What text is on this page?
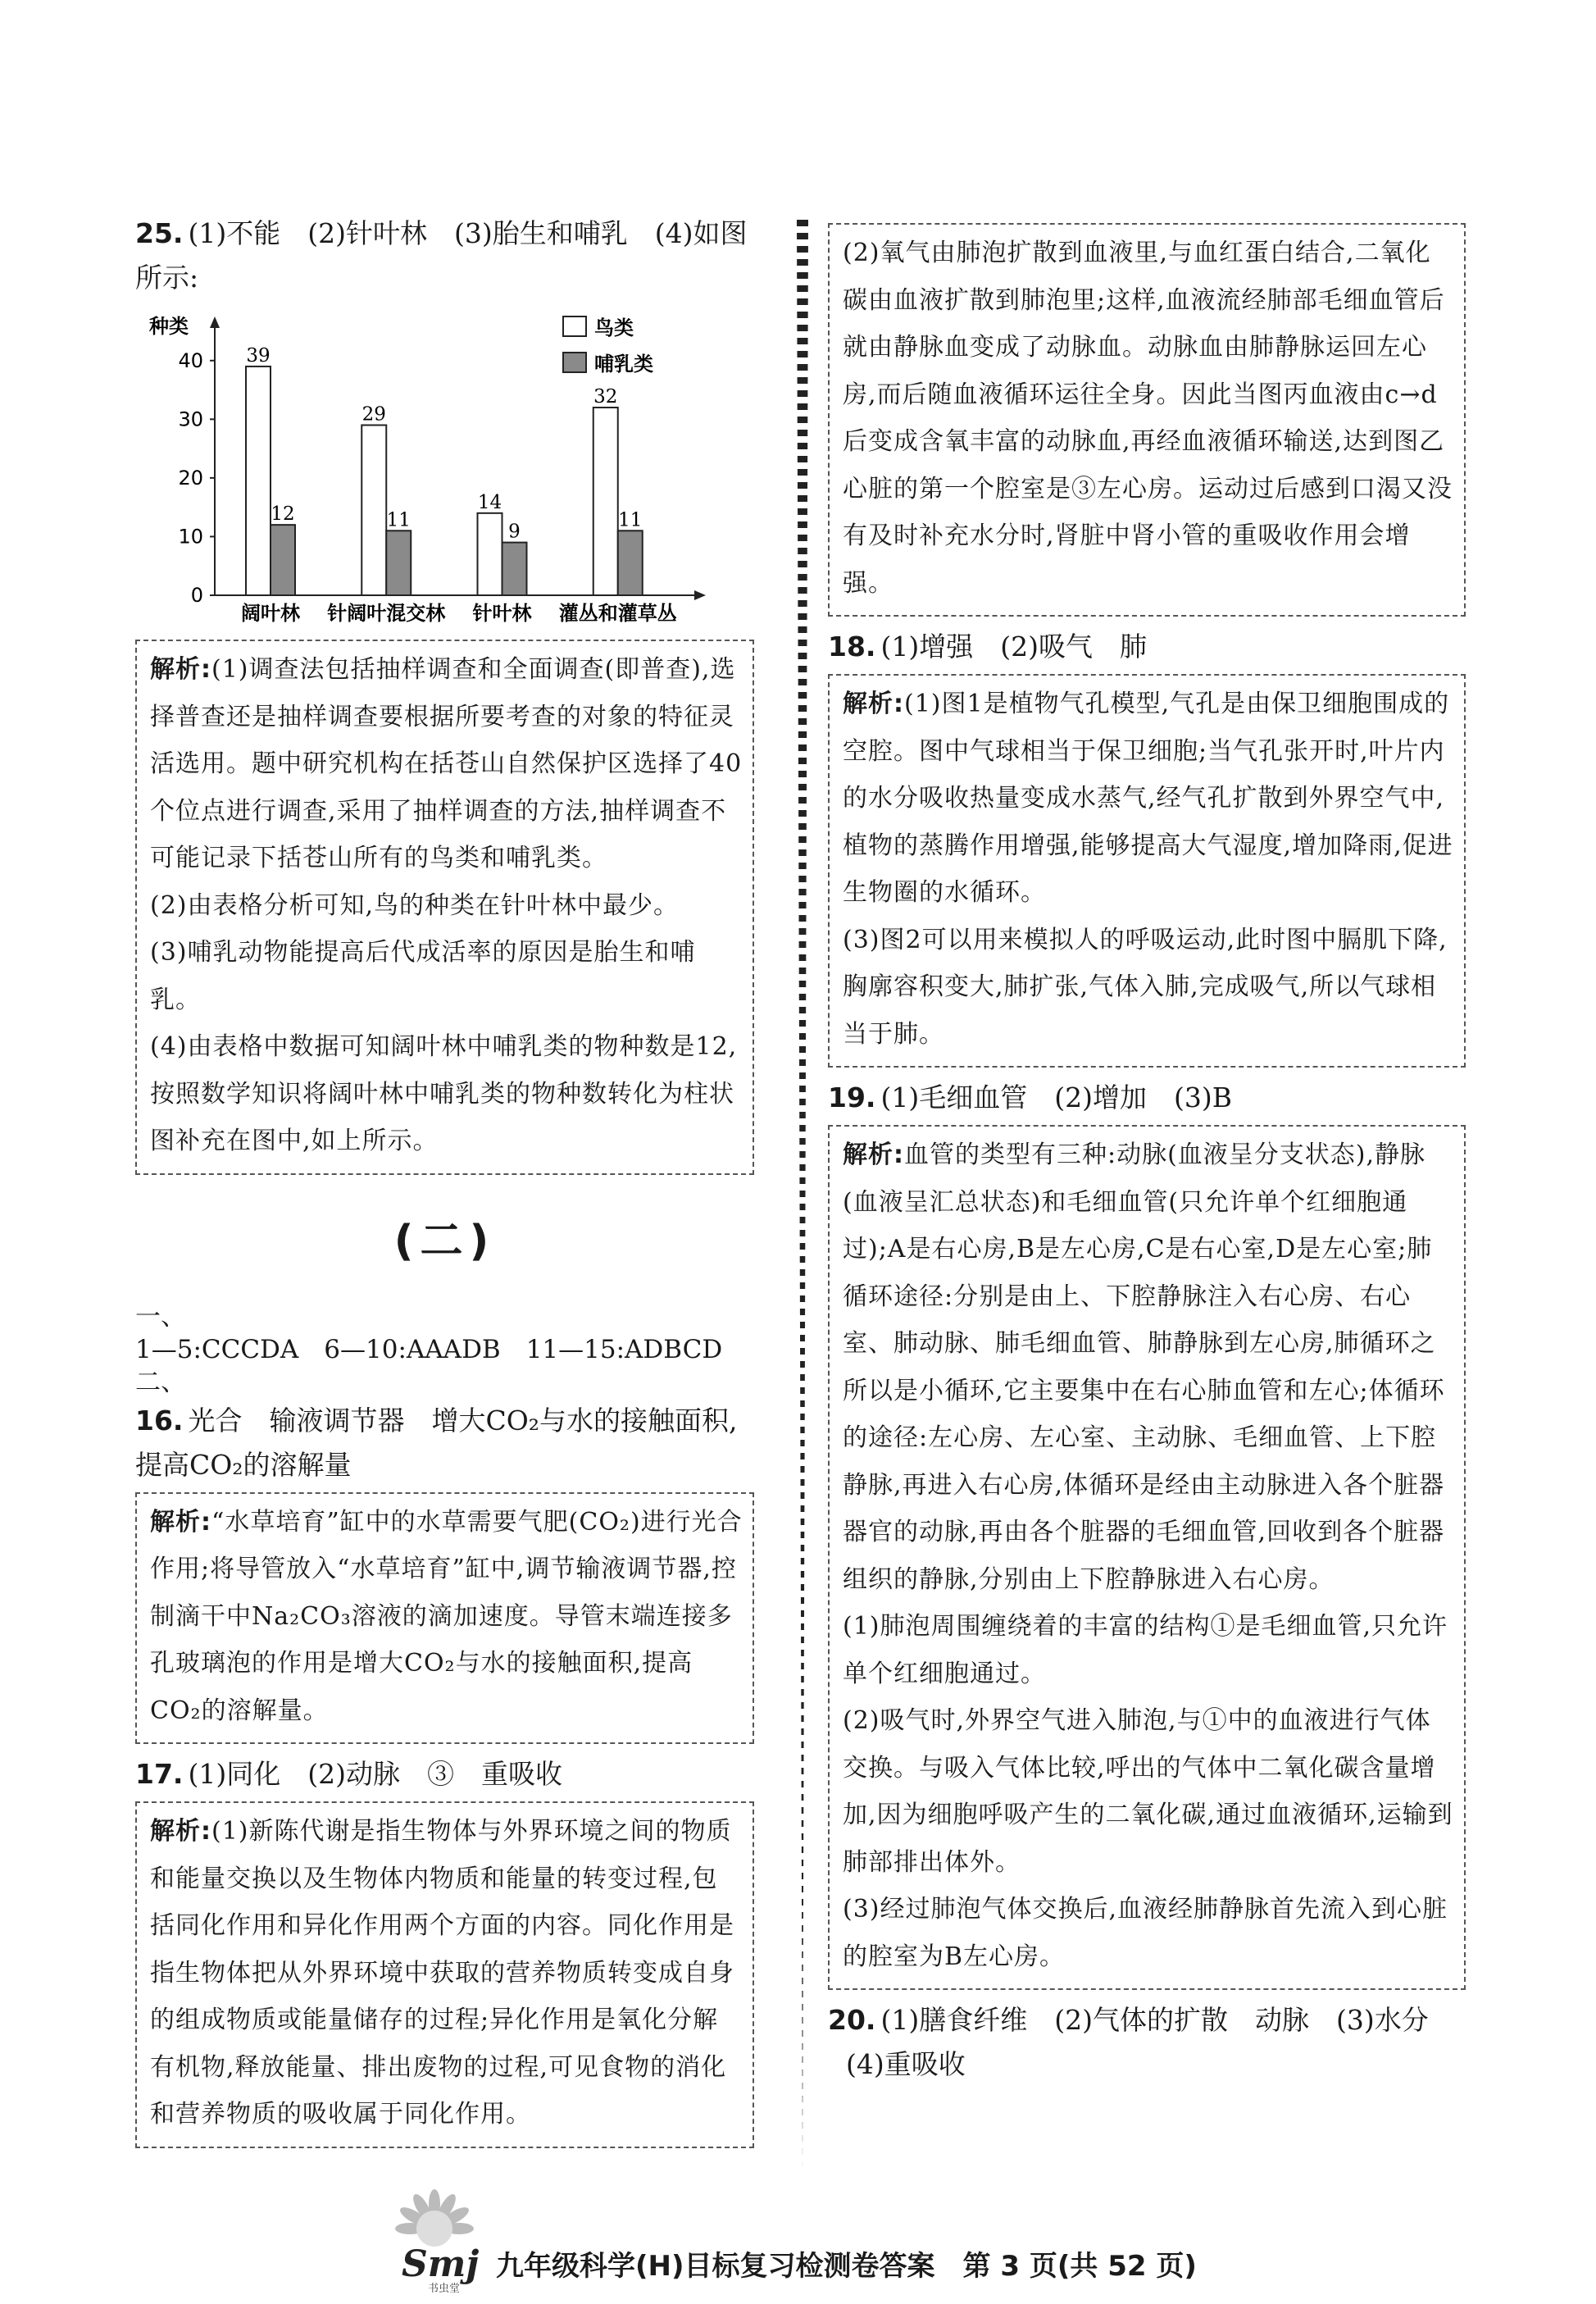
25. (1)不能　(2)针叶林　(3)胎生和哺乳　(4)如图所示:

种类
0
10
20
30
40 39
12
阔叶林
29
11
针阔叶混交林
14
9
针叶林
32
11
灌丛和灌草丛
鸟类
哺乳类

解析:(1)调查法包括抽样调查和全面调查(即普查),选择普查还是抽样调查要根据所要考查的对象的特征灵活选用。题中研究机构在括苍山自然保护区选择了40个位点进行调查,采用了抽样调查的方法,抽样调查不可能记录下括苍山所有的鸟类和哺乳类。

(2)由表格分析可知,鸟的种类在针叶林中最少。

(3)哺乳动物能提高后代成活率的原因是胎生和哺乳。

(4)由表格中数据可知阔叶林中哺乳类的物种数是12,按照数学知识将阔叶林中哺乳类的物种数转化为柱状图补充在图中,如上所示。

(二)

一、

1—5:CCCDA　6—10:AAADB　11—15:ADBCD

二、

16. 光合　输液调节器　增大CO₂与水的接触面积,提高CO₂的溶解量

解析:“水草培育”缸中的水草需要气肥(CO₂)进行光合作用;将导管放入“水草培育”缸中,调节输液调节器,控制滴干中Na₂CO₃溶液的滴加速度。导管末端连接多孔玻璃泡的作用是增大CO₂与水的接触面积,提高CO₂的溶解量。

17. (1)同化　(2)动脉　③　重吸收

解析:(1)新陈代谢是指生物体与外界环境之间的物质和能量交换以及生物体内物质和能量的转变过程,包括同化作用和异化作用两个方面的内容。同化作用是指生物体把从外界环境中获取的营养物质转变成自身的组成物质或能量储存的过程;异化作用是氧化分解有机物,释放能量、排出废物的过程,可见食物的消化和营养物质的吸收属于同化作用。

(2)氧气由肺泡扩散到血液里,与血红蛋白结合,二氧化碳由血液扩散到肺泡里;这样,血液流经肺部毛细血管后就由静脉血变成了动脉血。动脉血由肺静脉运回左心房,而后随血液循环运往全身。因此当图丙血液由c→d后变成含氧丰富的动脉血,再经血液循环输送,达到图乙心脏的第一个腔室是③左心房。运动过后感到口渴又没有及时补充水分时,肾脏中肾小管的重吸收作用会增强。

18. (1)增强　(2)吸气　肺

解析:(1)图1是植物气孔模型,气孔是由保卫细胞围成的空腔。图中气球相当于保卫细胞;当气孔张开时,叶片内的水分吸收热量变成水蒸气,经气孔扩散到外界空气中,植物的蒸腾作用增强,能够提高大气湿度,增加降雨,促进生物圈的水循环。

(3)图2可以用来模拟人的呼吸运动,此时图中膈肌下降,胸廓容积变大,肺扩张,气体入肺,完成吸气,所以气球相当于肺。

19. (1)毛细血管　(2)增加　(3)B

解析:血管的类型有三种:动脉(血液呈分支状态),静脉(血液呈汇总状态)和毛细血管(只允许单个红细胞通过);A是右心房,B是左心房,C是右心室,D是左心室;肺循环途径:分别是由上、下腔静脉注入右心房、右心室、肺动脉、肺毛细血管、肺静脉到左心房,肺循环之所以是小循环,它主要集中在右心肺血管和左心;体循环的途径:左心房、左心室、主动脉、毛细血管、上下腔静脉,再进入右心房,体循环是经由主动脉进入各个脏器器官的动脉,再由各个脏器的毛细血管,回收到各个脏器组织的静脉,分别由上下腔静脉进入右心房。

(1)肺泡周围缠绕着的丰富的结构①是毛细血管,只允许单个红细胞通过。

(2)吸气时,外界空气进入肺泡,与①中的血液进行气体交换。与吸入气体比较,呼出的气体中二氧化碳含量增加,因为细胞呼吸产生的二氧化碳,通过血液循环,运输到肺部排出体外。

(3)经过肺泡气体交换后,血液经肺静脉首先流入到心脏的腔室为B左心房。

20. (1)膳食纤维　(2)气体的扩散　动脉　(3)水分

(4)重吸收

Smj
书虫堂
九年级科学(H)目标复习检测卷答案　第 3 页(共 52 页)
